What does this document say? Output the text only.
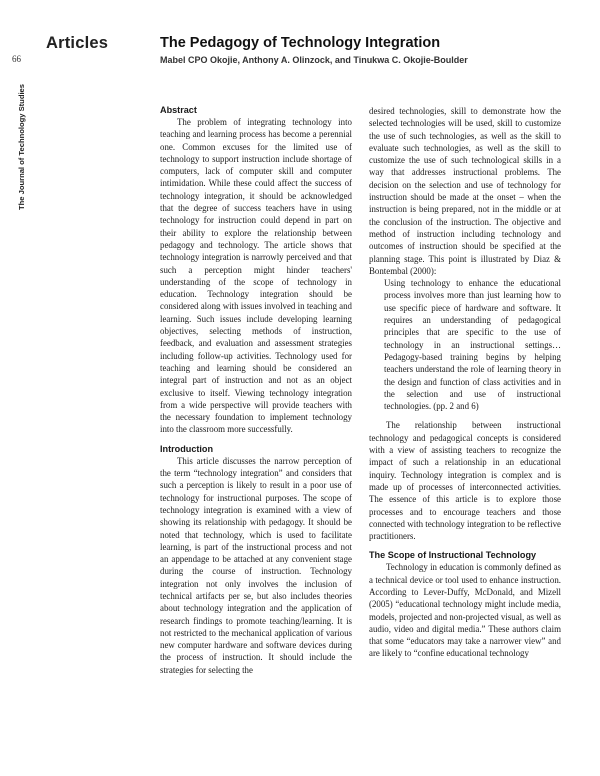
Articles
66
The Journal of Technology Studies
The Pedagogy of Technology Integration

Mabel CPO Okojie, Anthony A. Olinzock, and Tinukwa C. Okojie-Boulder

Abstract

The problem of integrating technology into teaching and learning process has become a perennial one. Common excuses for the limited use of technology to support instruction include shortage of computers, lack of computer skill and computer intimidation. While these could affect the success of technology integration, it should be acknowledged that the degree of success teachers have in using technology for instruction could depend in part on their ability to explore the relationship between pedagogy and technology. The article shows that technology integration is narrowly perceived and that such a perception might hinder teachers' understanding of the scope of technology in education. Technology integration should be considered along with issues involved in teaching and learning. Such issues include developing learning objectives, selecting methods of instruction, feedback, and evaluation and assessment strategies including follow-up activities. Technology used for teaching and learning should be considered an integral part of instruction and not as an object exclusive to itself. Viewing technology integration from a wide perspective will provide teachers with the necessary foundation to implement technology into the classroom more successfully.

Introduction

This article discusses the narrow perception of the term “technology integration” and considers that such a perception is likely to result in a poor use of technology for instructional purposes. The scope of technology integration is examined with a view of showing its relationship with pedagogy. It should be noted that technology, which is used to facilitate learning, is part of the instructional process and not an appendage to be attached at any convenient stage during the course of instruction. Technology integration not only involves the inclusion of technical artifacts per se, but also includes theories about technology integration and the application of research findings to promote teaching/learning. It is not restricted to the mechanical application of various new computer hardware and software devices during the process of instruction. It should include the strategies for selecting the

desired technologies, skill to demonstrate how the selected technologies will be used, skill to customize the use of such technologies, as well as the skill to evaluate such technologies, as well as the skill to customize the use of such technological skills in a way that addresses instructional problems. The decision on the selection and use of technology for instruction should be made at the onset – when the instruction is being prepared, not in the middle or at the conclusion of the instruction. The objective and method of instruction including technology and outcomes of instruction should be specified at the planning stage. This point is illustrated by Diaz & Bontembal (2000):

Using technology to enhance the educational process involves more than just learning how to use specific piece of hardware and software. It requires an understanding of pedagogical principles that are specific to the use of technology in an instructional settings…Pedagogy-based training begins by helping teachers understand the role of learning theory in the design and function of class activities and in the selection and use of instructional technologies. (pp. 2 and 6)

The relationship between instructional technology and pedagogical concepts is considered with a view of assisting teachers to recognize the impact of such a relationship in an educational inquiry. Technology integration is complex and is made up of processes of interconnected activities. The essence of this article is to explore those processes and to encourage teachers and those connected with technology integration to be reflective practitioners.

The Scope of Instructional Technology

Technology in education is commonly defined as a technical device or tool used to enhance instruction. According to Lever-Duffy, McDonald, and Mizell (2005) “educational technology might include media, models, projected and non-projected visual, as well as audio, video and digital media.” These authors claim that some “educators may take a narrower view” and are likely to “confine educational technology
